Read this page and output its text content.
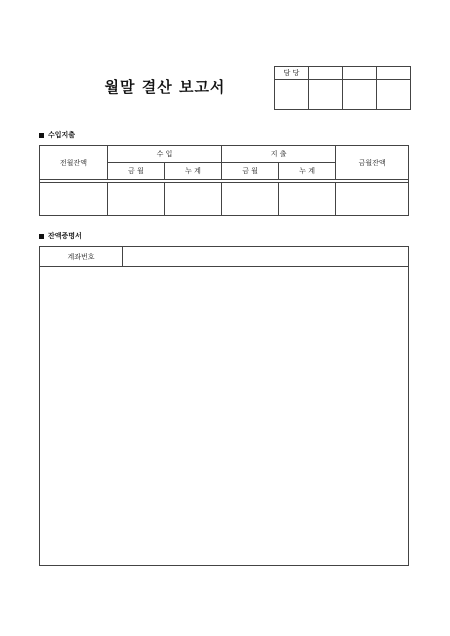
월말 결산 보고서
담 당			

수입지출
전월잔액	수 입		지 출		금월잔액
	금 월	누 계	금 월	누 계	

잔액증명서
계좌번호	
